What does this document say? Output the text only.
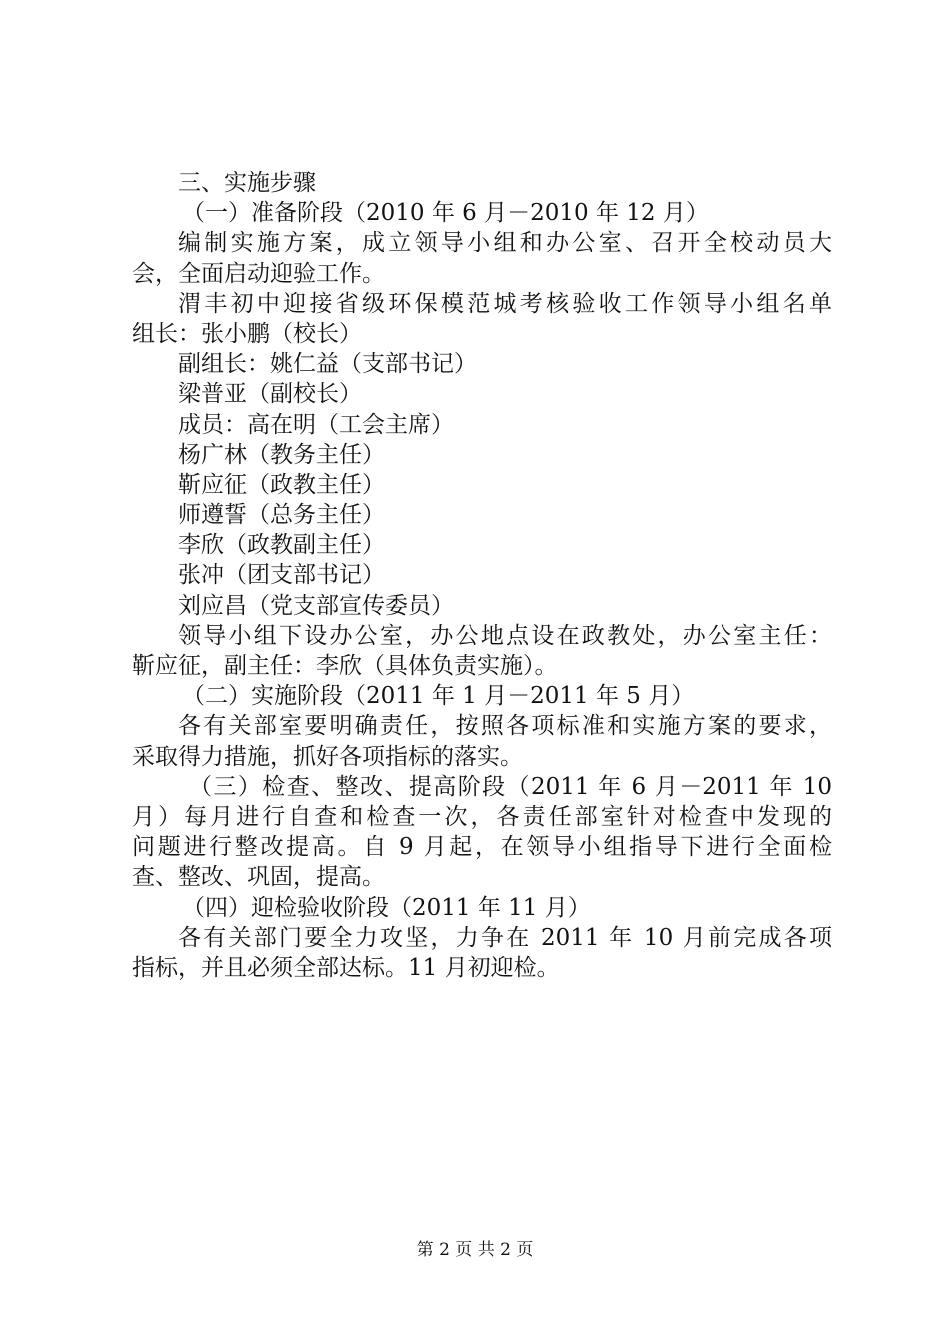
三、实施步骤
（一）准备阶段（2010 年 6 月－2010 年 12 月）
编制实施方案，成立领导小组和办公室、召开全校动员大
会，全面启动迎验工作。
渭丰初中迎接省级环保模范城考核验收工作领导小组名单
组长：张小鹏（校长）
副组长：姚仁益（支部书记）
梁普亚（副校长）
成员：高在明（工会主席）
杨广林（教务主任）
靳应征（政教主任）
师遵誓（总务主任）
李欣（政教副主任）
张冲（团支部书记）
刘应昌（党支部宣传委员）
领导小组下设办公室，办公地点设在政教处，办公室主任：
靳应征，副主任：李欣（具体负责实施）。
（二）实施阶段（2011 年 1 月－2011 年 5 月）
各有关部室要明确责任，按照各项标准和实施方案的要求，
采取得力措施，抓好各项指标的落实。
（三）检查、整改、提高阶段（2011 年 6 月－2011 年 10
月）每月进行自查和检查一次，各责任部室针对检查中发现的
问题进行整改提高。自 9 月起，在领导小组指导下进行全面检
查、整改、巩固，提高。
（四）迎检验收阶段（2011 年 11 月）
各有关部门要全力攻坚，力争在 2011 年 10 月前完成各项
指标，并且必须全部达标。11 月初迎检。
第 2 页 共 2 页
